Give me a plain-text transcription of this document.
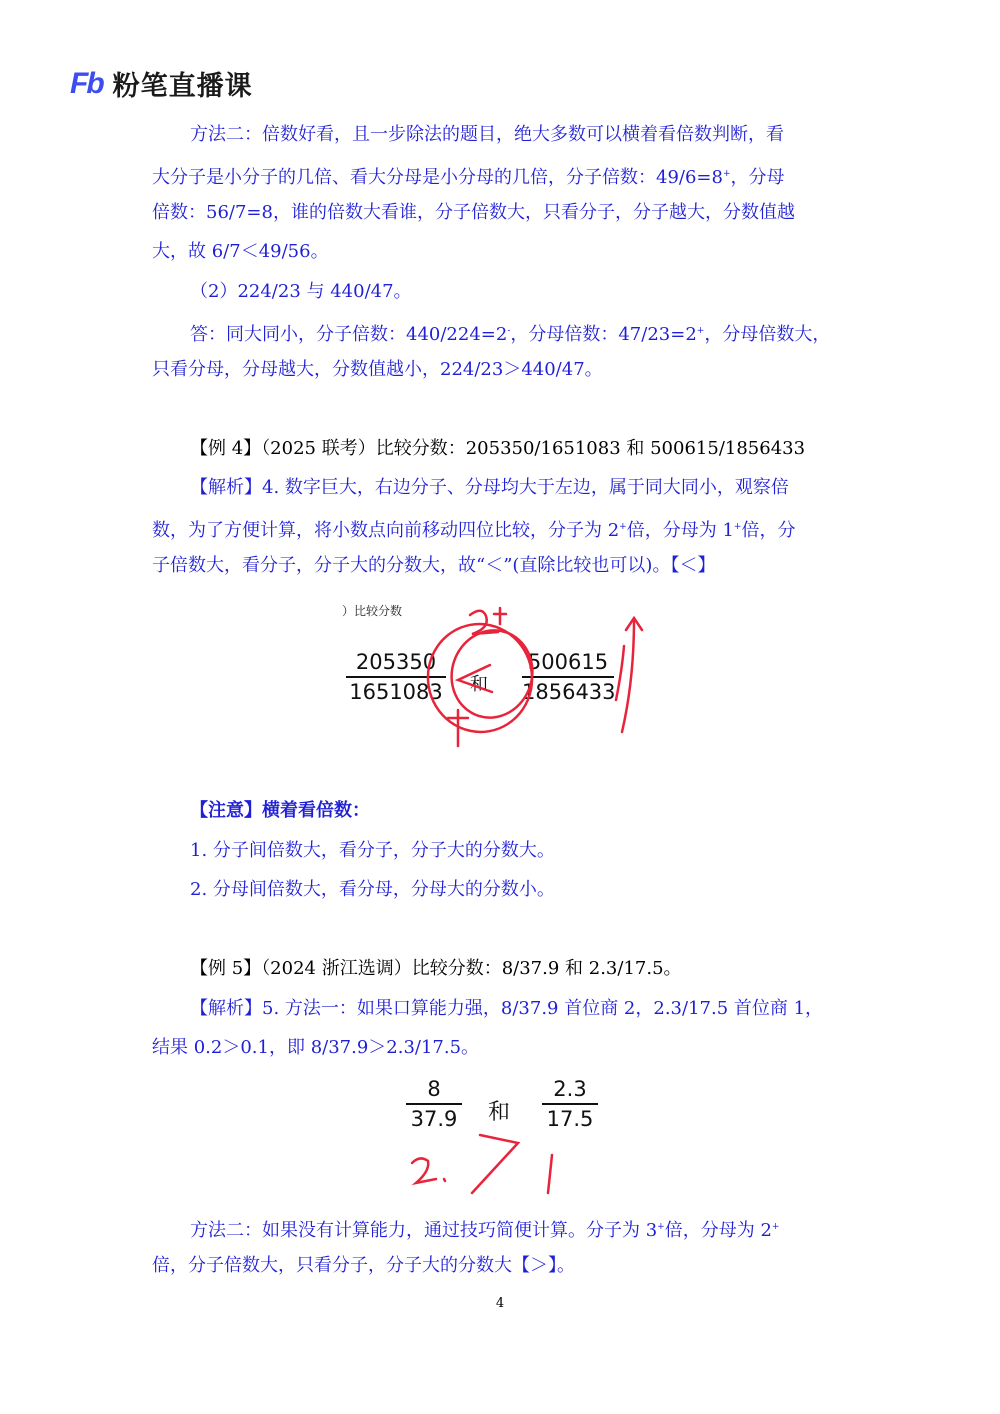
Fb 粉笔直播课
方法二：倍数好看，且一步除法的题目，绝大多数可以横着看倍数判断，看
大分子是小分子的几倍、看大分母是小分母的几倍，分子倍数：49/6=8+，分母
倍数：56/7=8，谁的倍数大看谁，分子倍数大，只看分子，分子越大，分数值越
大，故 6/7＜49/56。
（2）224/23 与 440/47。
答：同大同小，分子倍数：440/224=2-，分母倍数：47/23=2+，分母倍数大，
只看分母，分母越大，分数值越小，224/23＞440/47。
【例 4】（2025 联考）比较分数：205350/1651083 和 500615/1856433
【解析】4. 数字巨大，右边分子、分母均大于左边，属于同大同小，观察倍
数，为了方便计算，将小数点向前移动四位比较，分子为 2+倍，分母为 1+倍，分
子倍数大，看分子，分子大的分数大，故“＜”(直除比较也可以)。【＜】
）比较分数
205350
1651083 和
500615
1856433
【注意】横着看倍数：
1. 分子间倍数大，看分子，分子大的分数大。
2. 分母间倍数大，看分母，分母大的分数小。
【例 5】（2024 浙江选调）比较分数：8/37.9 和 2.3/17.5。
【解析】5. 方法一：如果口算能力强，8/37.9 首位商 2，2.3/17.5 首位商 1，
结果 0.2＞0.1，即 8/37.9＞2.3/17.5。
8
37.9 和
2.3
17.5
方法二：如果没有计算能力，通过技巧简便计算。分子为 3+倍，分母为 2+
倍，分子倍数大，只看分子，分子大的分数大【＞】。
4
